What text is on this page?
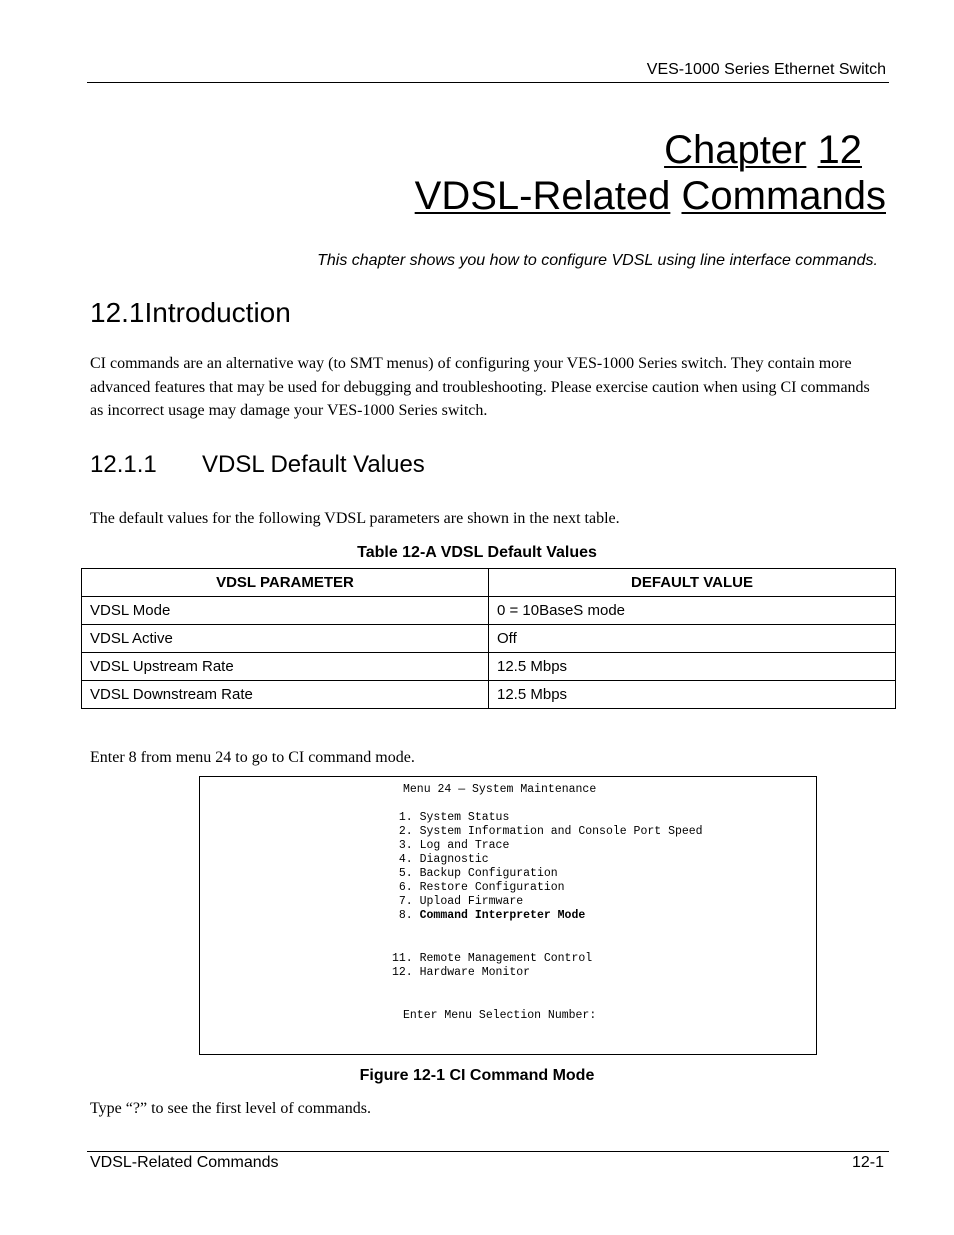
VES-1000 Series Ethernet Switch
Chapter 12
VDSL-Related Commands
This chapter shows you how to configure VDSL using line interface commands.
12.1Introduction
CI commands are an alternative way (to SMT menus) of configuring your VES-1000 Series switch. They contain more advanced features that may be used for debugging and troubleshooting. Please exercise caution when using CI commands as incorrect usage may damage your VES-1000 Series switch.
12.1.1 VDSL Default Values
The default values for the following VDSL parameters are shown in the next table.
Table 12-A VDSL Default Values
VDSL PARAMETER	DEFAULT VALUE
VDSL Mode	0 = 10BaseS mode
VDSL Active	Off
VDSL Upstream Rate	12.5 Mbps
VDSL Downstream Rate	12.5 Mbps
Enter 8 from menu 24 to go to CI command mode.
Menu 24 — System Maintenance
1. System Status
2. System Information and Console Port Speed
3. Log and Trace
4. Diagnostic
5. Backup Configuration
6. Restore Configuration
7. Upload Firmware
8. Command Interpreter Mode
11. Remote Management Control
12. Hardware Monitor
Enter Menu Selection Number:
Figure 12-1 CI Command Mode
Type “?” to see the first level of commands.
VDSL-Related Commands	12-1
